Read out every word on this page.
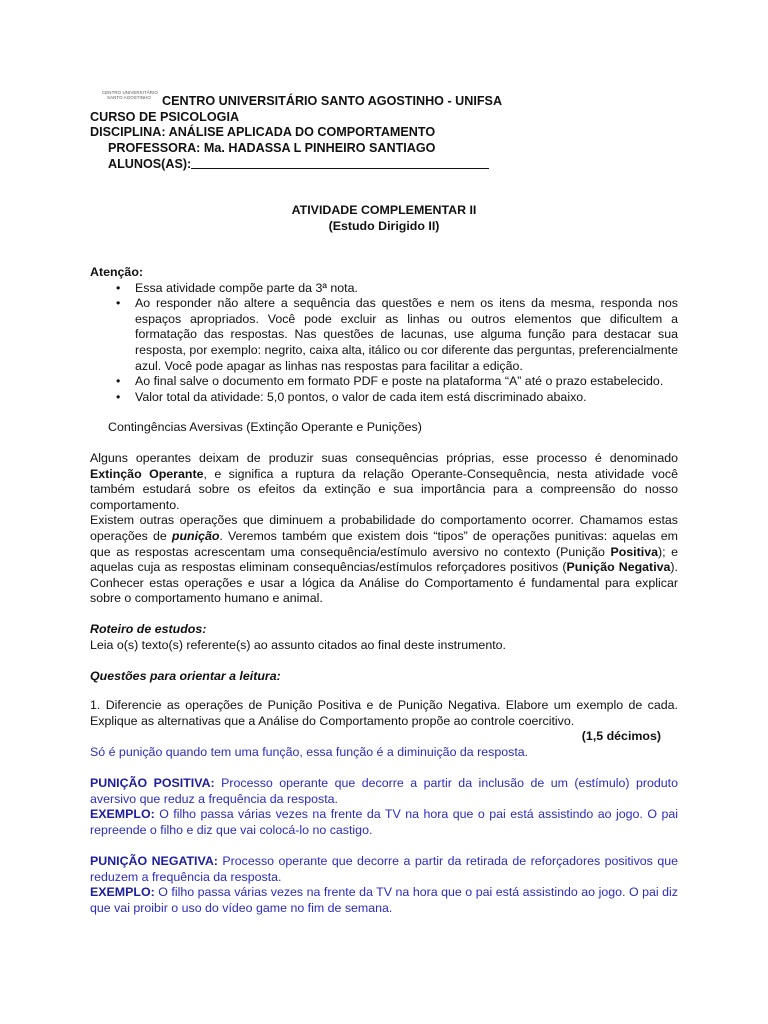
CENTRO UNIVERSITÁRIO
SANTO AGOSTINHO CENTRO UNIVERSITÁRIO SANTO AGOSTINHO - UNIFSA
CURSO DE PSICOLOGIA
DISCIPLINA: ANÁLISE APLICADA DO COMPORTAMENTO
PROFESSORA: Ma. HADASSA L PINHEIRO SANTIAGO
ALUNOS(AS):
ATIVIDADE COMPLEMENTAR II
(Estudo Dirigido II)
Atenção:
• Essa atividade compõe parte da 3ª nota.
• Ao responder não altere a sequência das questões e nem os itens da mesma, responda nos espaços apropriados. Você pode excluir as linhas ou outros elementos que dificultem a formatação das respostas. Nas questões de lacunas, use alguma função para destacar sua resposta, por exemplo: negrito, caixa alta, itálico ou cor diferente das perguntas, preferencialmente azul. Você pode apagar as linhas nas respostas para facilitar a edição.
• Ao final salve o documento em formato PDF e poste na plataforma “A” até o prazo estabelecido.
• Valor total da atividade: 5,0 pontos, o valor de cada item está discriminado abaixo.
Contingências Aversivas (Extinção Operante e Punições)
Alguns operantes deixam de produzir suas consequências próprias, esse processo é denominado Extinção Operante, e significa a ruptura da relação Operante-Consequência, nesta atividade você também estudará sobre os efeitos da extinção e sua importância para a compreensão do nosso comportamento.
Existem outras operações que diminuem a probabilidade do comportamento ocorrer. Chamamos estas operações de punição. Veremos também que existem dois “tipos” de operações punitivas: aquelas em que as respostas acrescentam uma consequência/estímulo aversivo no contexto (Punição Positiva); e aquelas cuja as respostas eliminam consequências/estímulos reforçadores positivos (Punição Negativa). Conhecer estas operações e usar a lógica da Análise do Comportamento é fundamental para explicar sobre o comportamento humano e animal.
Roteiro de estudos:
Leia o(s) texto(s) referente(s) ao assunto citados ao final deste instrumento.
Questões para orientar a leitura:
1. Diferencie as operações de Punição Positiva e de Punição Negativa. Elabore um exemplo de cada. Explique as alternativas que a Análise do Comportamento propõe ao controle coercitivo.
(1,5 décimos)
Só é punição quando tem uma função, essa função é a diminuição da resposta.
PUNIÇÃO POSITIVA: Processo operante que decorre a partir da inclusão de um (estímulo) produto aversivo que reduz a frequência da resposta.
EXEMPLO: O filho passa várias vezes na frente da TV na hora que o pai está assistindo ao jogo. O pai repreende o filho e diz que vai colocá-lo no castigo.
PUNIÇÃO NEGATIVA: Processo operante que decorre a partir da retirada de reforçadores positivos que reduzem a frequência da resposta.
EXEMPLO: O filho passa várias vezes na frente da TV na hora que o pai está assistindo ao jogo. O pai diz que vai proibir o uso do vídeo game no fim de semana.
